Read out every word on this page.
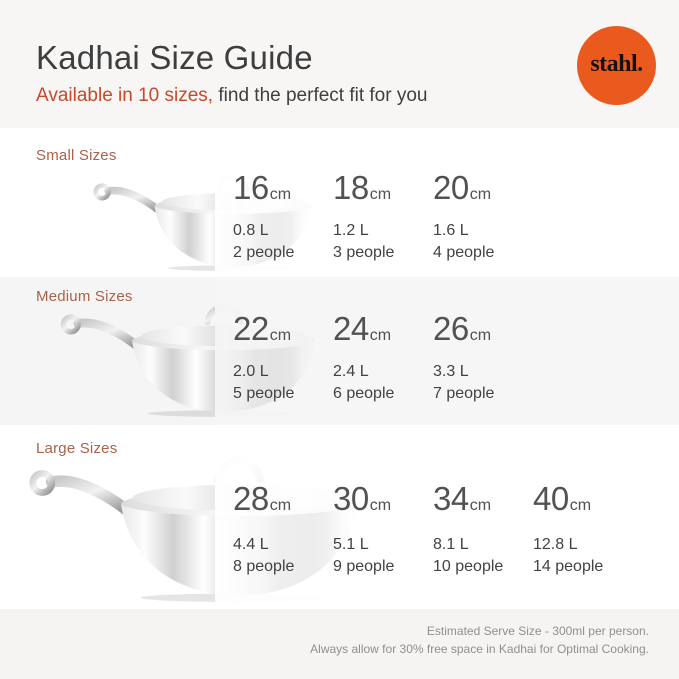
Kadhai Size Guide
Available in 10 sizes, find the perfect fit for you
stahl.
Small Sizes
Medium Sizes
Large Sizes
16cm
0.8 L
2 people
18cm
1.2 L
3 people
20cm
1.6 L
4 people
22cm
2.0 L
5 people
24cm
2.4 L
6 people
26cm
3.3 L
7 people
28cm
4.4 L
8 people
30cm
5.1 L
9 people
34cm
8.1 L
10 people
40cm
12.8 L
14 people
Estimated Serve Size - 300ml per person.
Always allow for 30% free space in Kadhai for Optimal Cooking.
